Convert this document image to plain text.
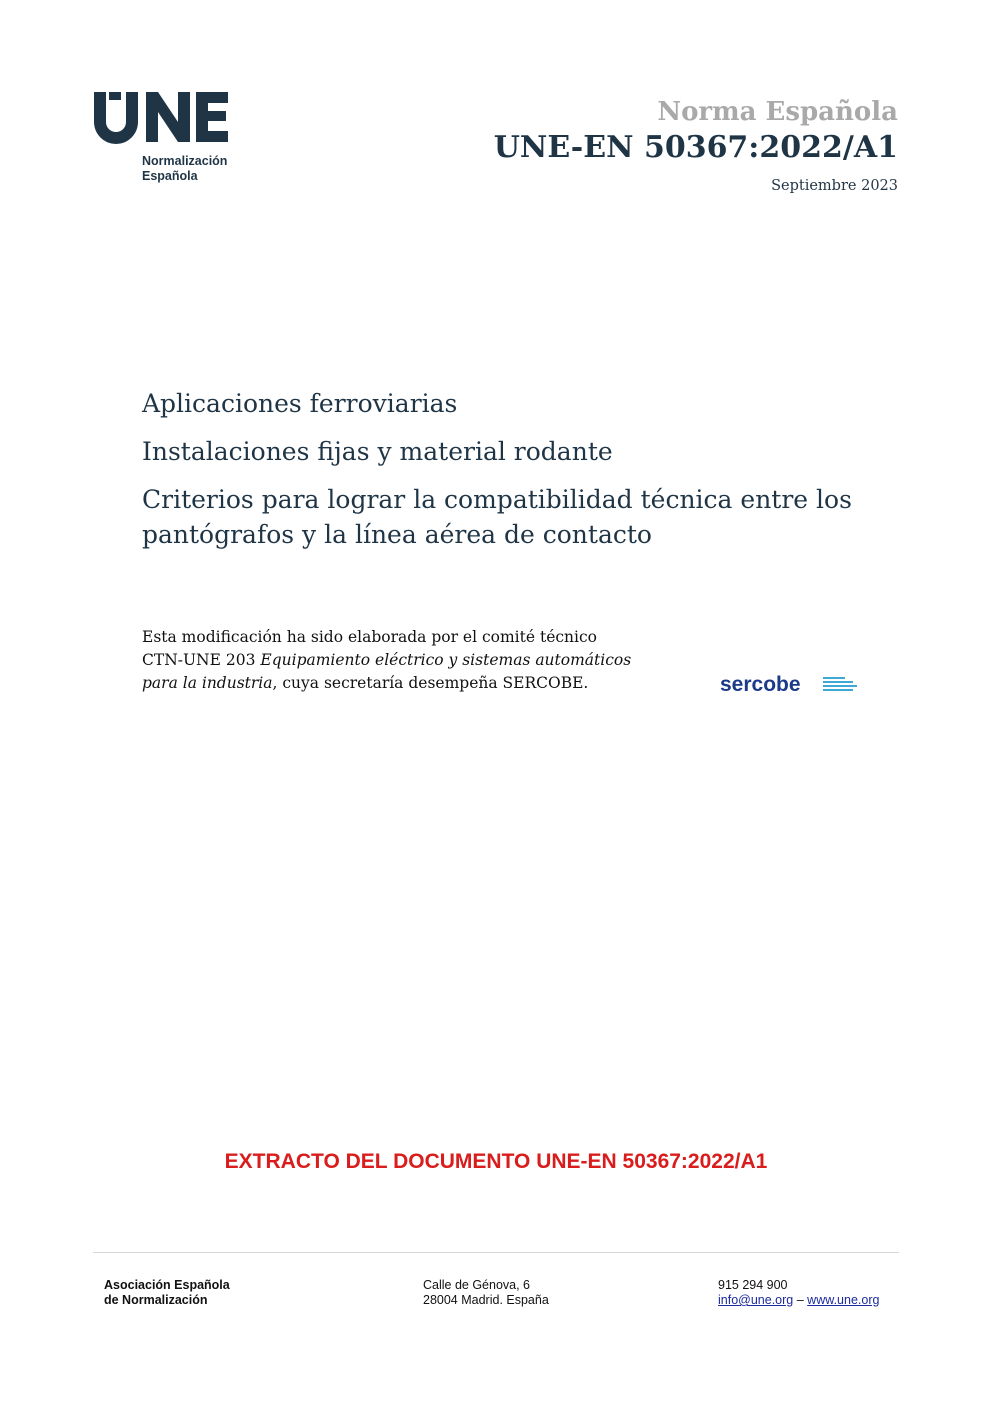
Normalización
Española
Norma Española
UNE-EN 50367:2022/A1
Septiembre 2023
Aplicaciones ferroviarias
Instalaciones fijas y material rodante
Criterios para lograr la compatibilidad técnica entre los pantógrafos y la línea aérea de contacto
Esta modificación ha sido elaborada por el comité técnico
CTN-UNE 203 Equipamiento eléctrico y sistemas automáticos
para la industria, cuya secretaría desempeña SERCOBE.	sercobe
EXTRACTO DEL DOCUMENTO UNE-EN 50367:2022/A1
Asociación Española
de Normalización
Calle de Génova, 6
28004 Madrid. España
915 294 900
info@une.org – www.une.org
